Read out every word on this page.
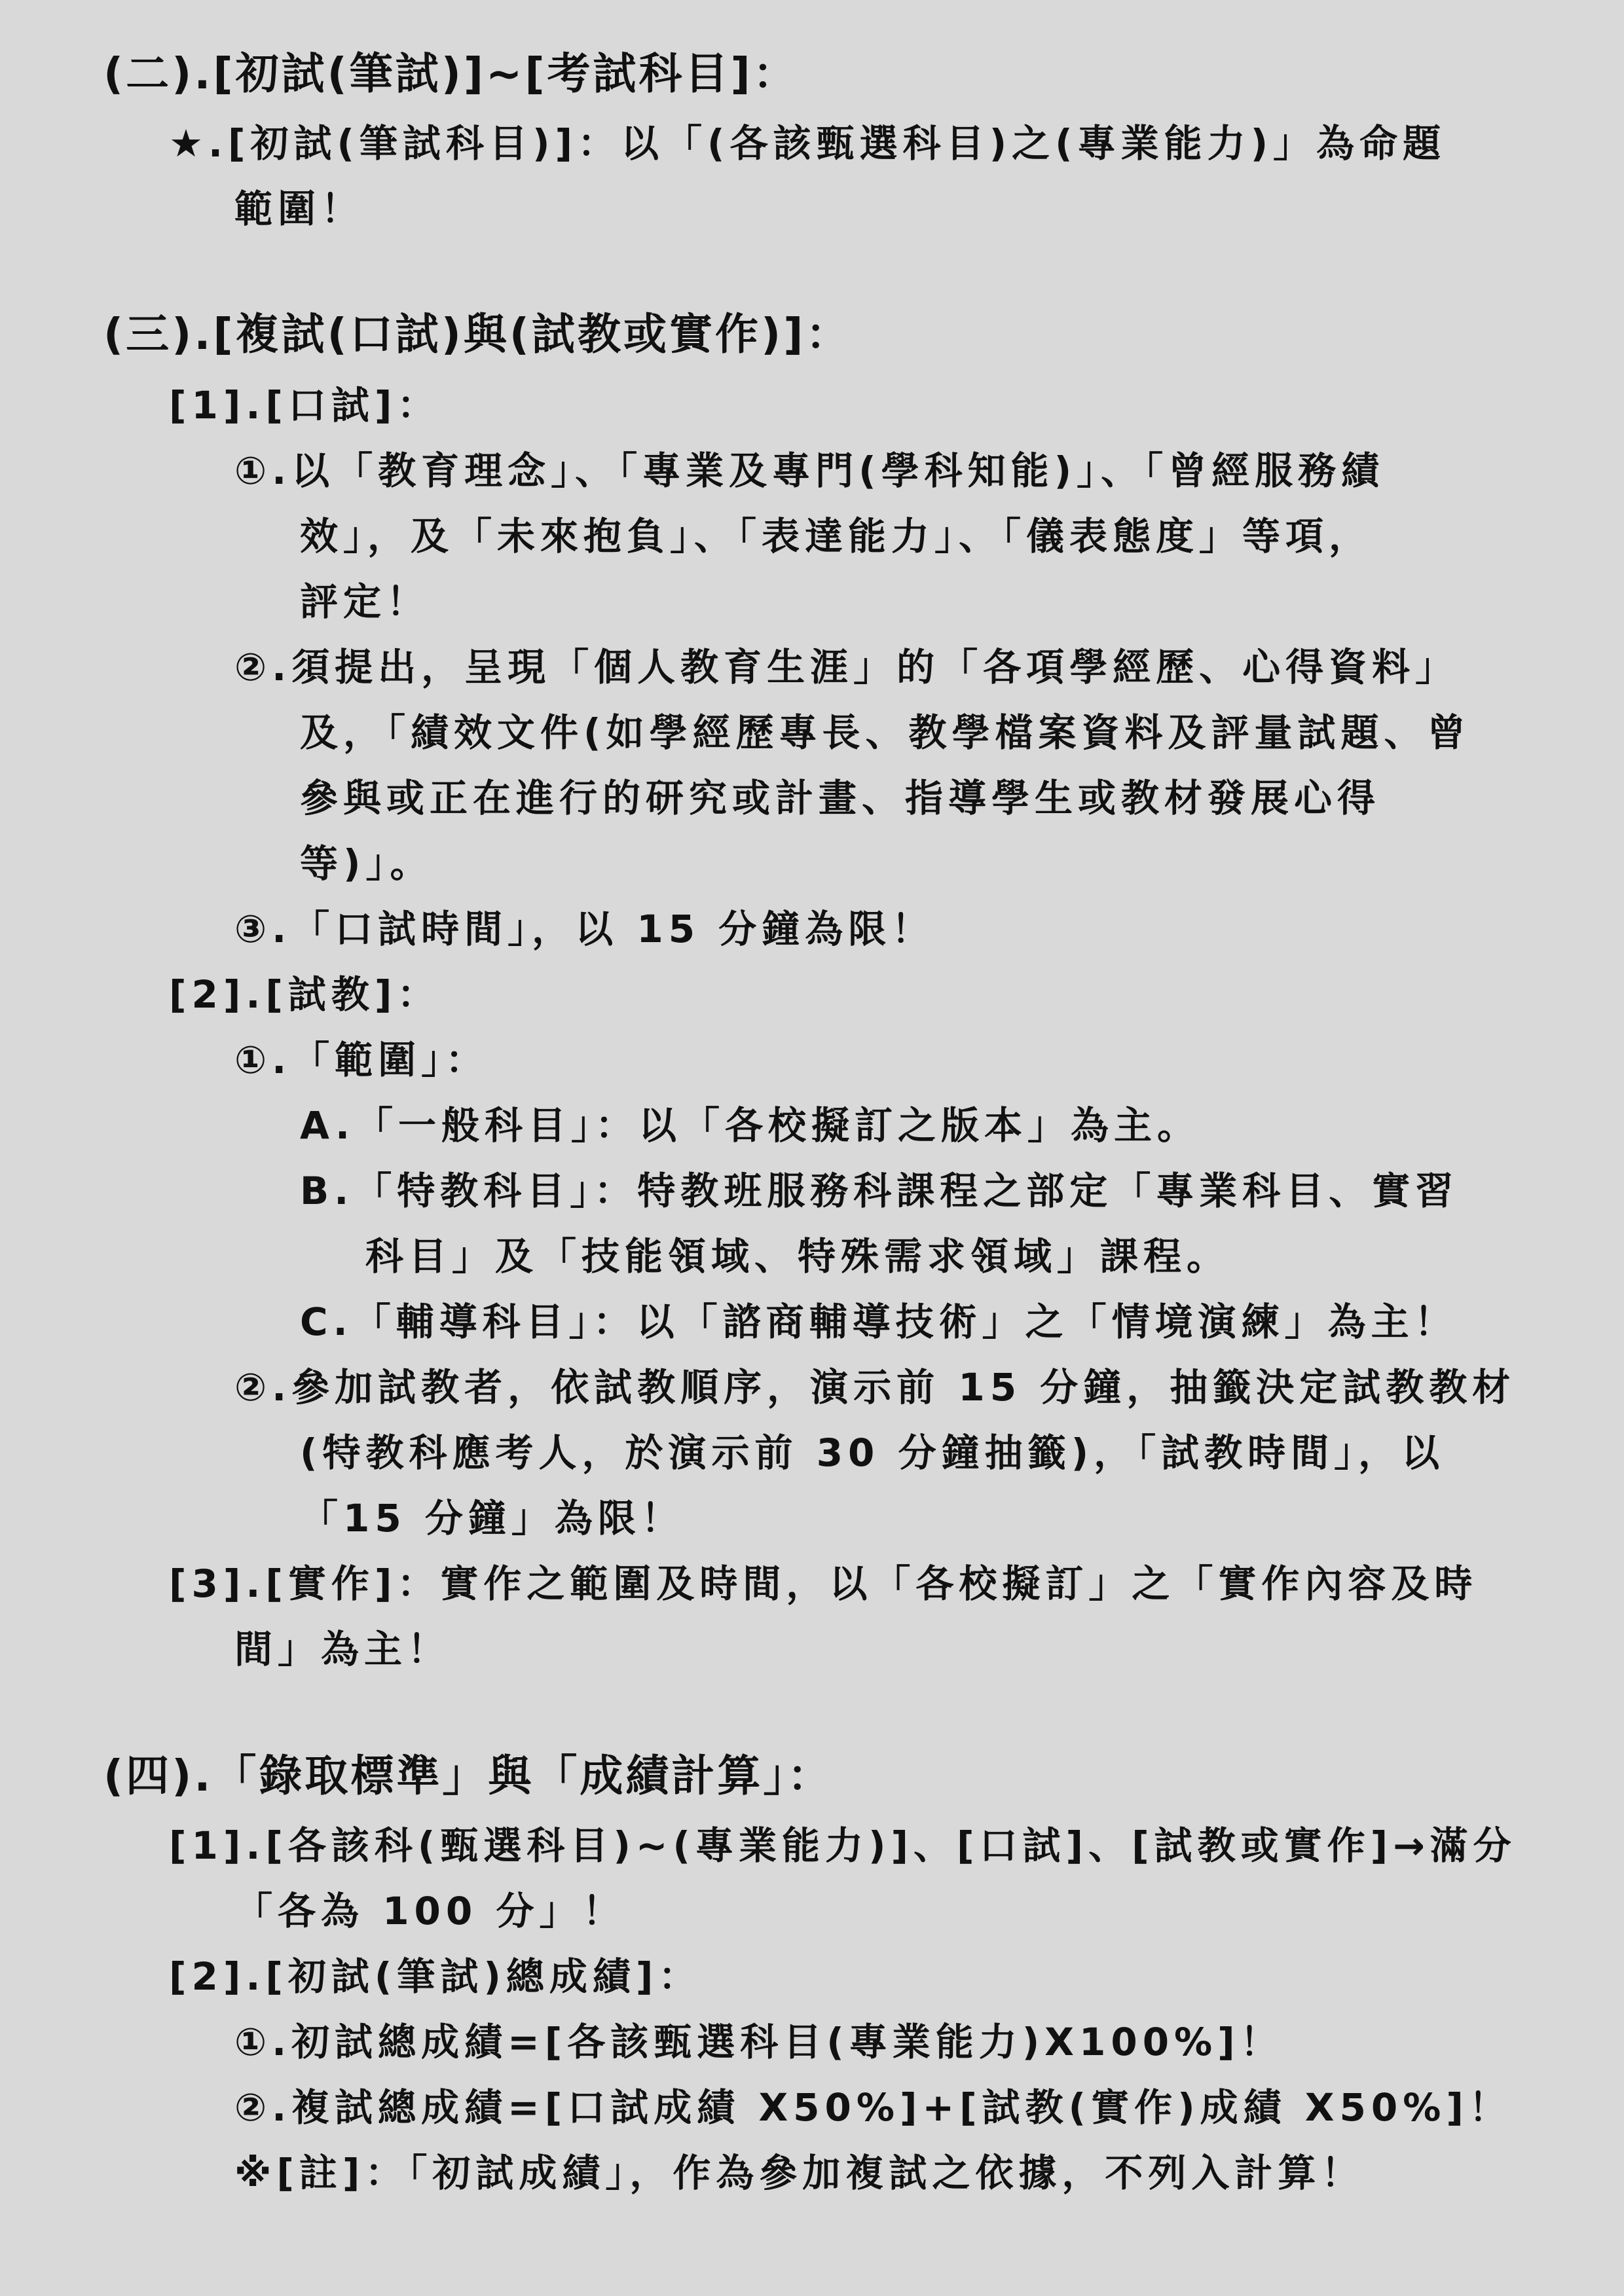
(二).[初試(筆試)]~[考試科目]：
★.[初試(筆試科目)]：以「(各該甄選科目)之(專業能力)」為命題
範圍！
(三).[複試(口試)與(試教或實作)]：
[1].[口試]：
①.以「教育理念」、「專業及專門(學科知能)」、「曾經服務績
效」，及「未來抱負」、「表達能力」、「儀表態度」等項，
評定！
②.須提出，呈現「個人教育生涯」的「各項學經歷、心得資料」
及，「績效文件(如學經歷專長、教學檔案資料及評量試題、曾
參與或正在進行的研究或計畫、指導學生或教材發展心得
等)」。
③.「口試時間」，以 15 分鐘為限！
[2].[試教]：
①.「範圍」：
A.「一般科目」：以「各校擬訂之版本」為主。
B.「特教科目」：特教班服務科課程之部定「專業科目、實習
科目」及「技能領域、特殊需求領域」課程。
C.「輔導科目」：以「諮商輔導技術」之「情境演練」為主！
②.參加試教者，依試教順序，演示前 15 分鐘，抽籤決定試教教材
(特教科應考人，於演示前 30 分鐘抽籤)，「試教時間」，以
「15 分鐘」為限！
[3].[實作]：實作之範圍及時間，以「各校擬訂」之「實作內容及時
間」為主！
(四).「錄取標準」與「成績計算」：
[1].[各該科(甄選科目)~(專業能力)]、[口試]、[試教或實作]→滿分
「各為 100 分」！
[2].[初試(筆試)總成績]：
①.初試總成績=[各該甄選科目(專業能力)X100%]！
②.複試總成績=[口試成績 X50%]+[試教(實作)成績 X50%]！
※[註]：「初試成績」，作為參加複試之依據，不列入計算！
